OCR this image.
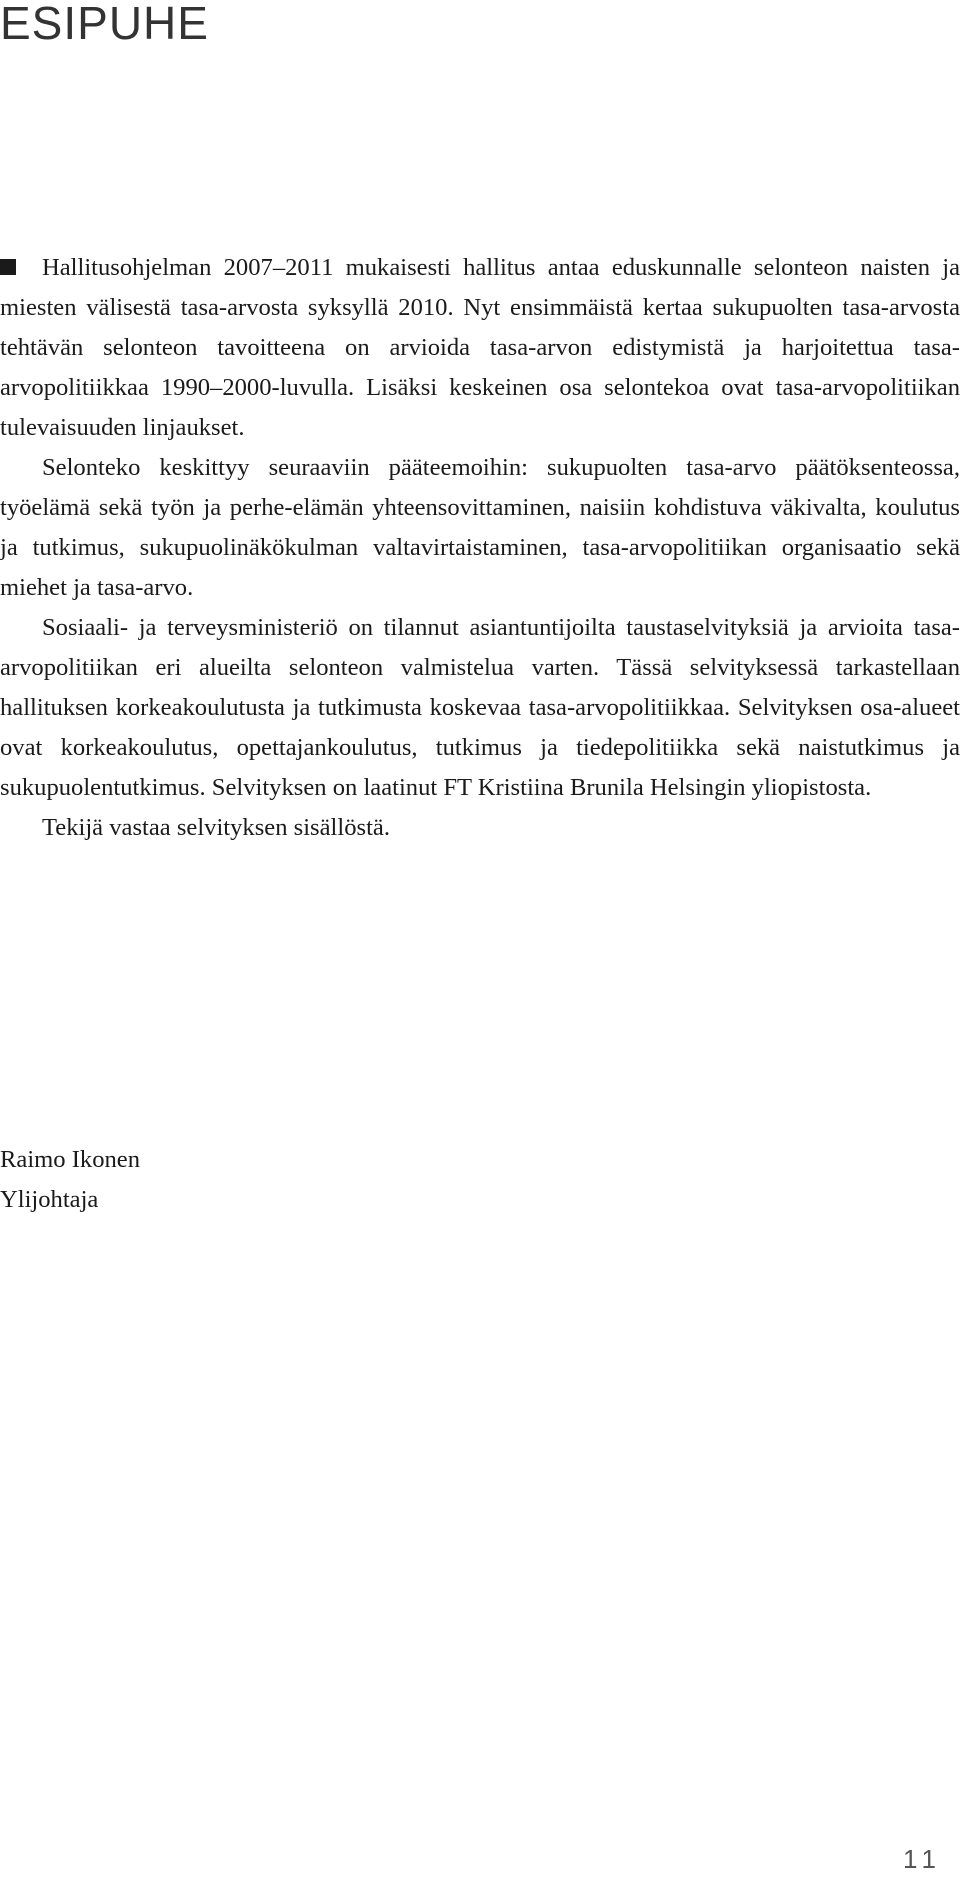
ESIPUHE

Hallitusohjelman 2007–2011 mukaisesti hallitus antaa eduskunnalle selonteon naisten ja miesten välisestä tasa-arvosta syksyllä 2010. Nyt ensimmäistä kertaa sukupuolten tasa-arvosta tehtävän selonteon tavoitteena on arvioida tasa-arvon edistymistä ja harjoitettua tasa-arvopolitiikkaa 1990–2000-luvulla. Lisäksi keskeinen osa selontekoa ovat tasa-arvopolitiikan tulevaisuuden linjaukset.

Selonteko keskittyy seuraaviin pääteemoihin: sukupuolten tasa-arvo päätöksenteossa, työelämä sekä työn ja perhe-elämän yhteensovittaminen, naisiin kohdistuva väkivalta, koulutus ja tutkimus, sukupuolinäkökulman valtavirtaistaminen, tasa-arvopolitiikan organisaatio sekä miehet ja tasa-arvo.

Sosiaali- ja terveysministeriö on tilannut asiantuntijoilta taustaselvityksiä ja arvioita tasa-arvopolitiikan eri alueilta selonteon valmistelua varten. Tässä selvityksessä tarkastellaan hallituksen korkeakoulutusta ja tutkimusta koskevaa tasa-arvopolitiikkaa. Selvityksen osa-alueet ovat korkeakoulutus, opettajankoulutus, tutkimus ja tiedepolitiikka sekä naistutkimus ja sukupuolentutkimus. Selvityksen on laatinut FT Kristiina Brunila Helsingin yliopistosta.

Tekijä vastaa selvityksen sisällöstä.

Raimo Ikonen
Ylijohtaja
11
